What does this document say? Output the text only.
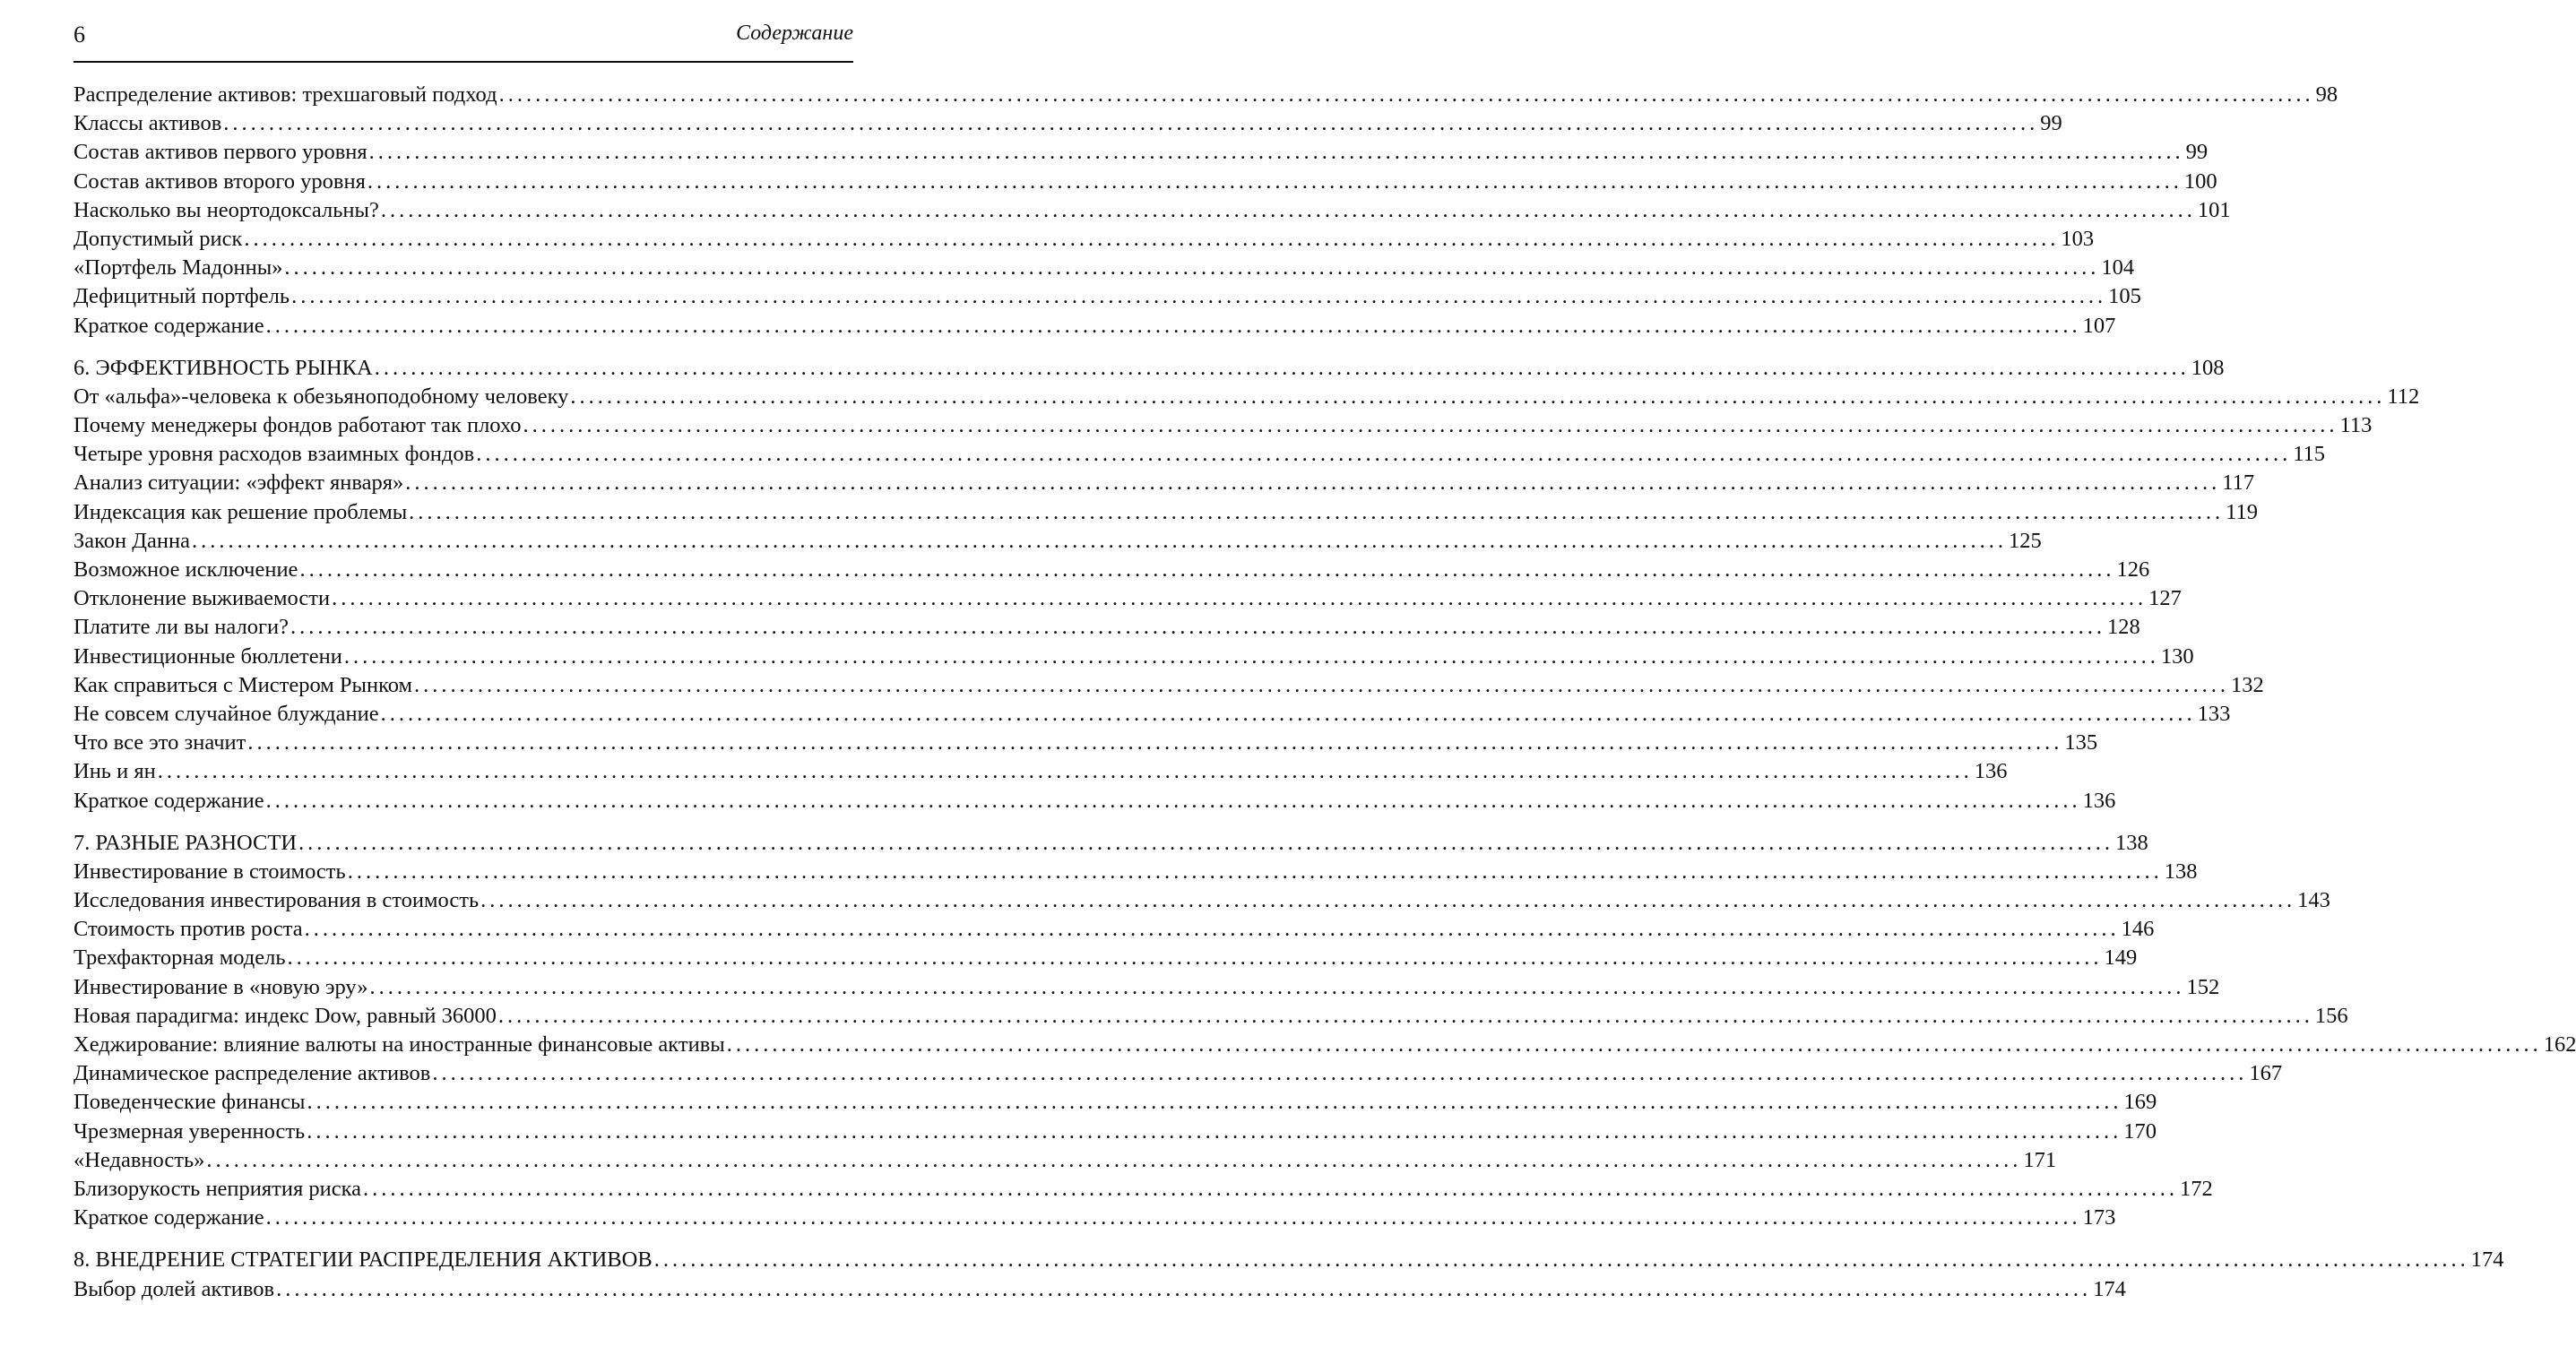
6	Содержание
Распределение активов: трехшаговый подход .....	98
Классы активов .....	99
Состав активов первого уровня .....	99
Состав активов второго уровня .....	100
Насколько вы неортодоксальны? .....	101
Допустимый риск .....	103
«Портфель Мадонны» .....	104
Дефицитный портфель .....	105
Краткое содержание .....	107
6. ЭФФЕКТИВНОСТЬ РЫНКА .....	108
От «альфа»-человека к обезьяноподобному человеку .....	112
Почему менеджеры фондов работают так плохо .....	113
Четыре уровня расходов взаимных фондов .....	115
Анализ ситуации: «эффект января» .....	117
Индексация как решение проблемы .....	119
Закон Данна .....	125
Возможное исключение .....	126
Отклонение выживаемости .....	127
Платите ли вы налоги? .....	128
Инвестиционные бюллетени .....	130
Как справиться с Мистером Рынком .....	132
Не совсем случайное блуждание .....	133
Что все это значит .....	135
Инь и ян .....	136
Краткое содержание .....	136
7. РАЗНЫЕ РАЗНОСТИ .....	138
Инвестирование в стоимость .....	138
Исследования инвестирования в стоимость .....	143
Стоимость против роста .....	146
Трехфакторная модель .....	149
Инвестирование в «новую эру» .....	152
Новая парадигма: индекс Dow, равный 36000 .....	156
Хеджирование: влияние валюты на иностранные финансовые активы .....	162
Динамическое распределение активов .....	167
Поведенческие финансы .....	169
Чрезмерная уверенность .....	170
«Недавность» .....	171
Близорукость неприятия риска .....	172
Краткое содержание .....	173
8. ВНЕДРЕНИЕ СТРАТЕГИИ РАСПРЕДЕЛЕНИЯ АКТИВОВ .....	174
Выбор долей активов .....	174
